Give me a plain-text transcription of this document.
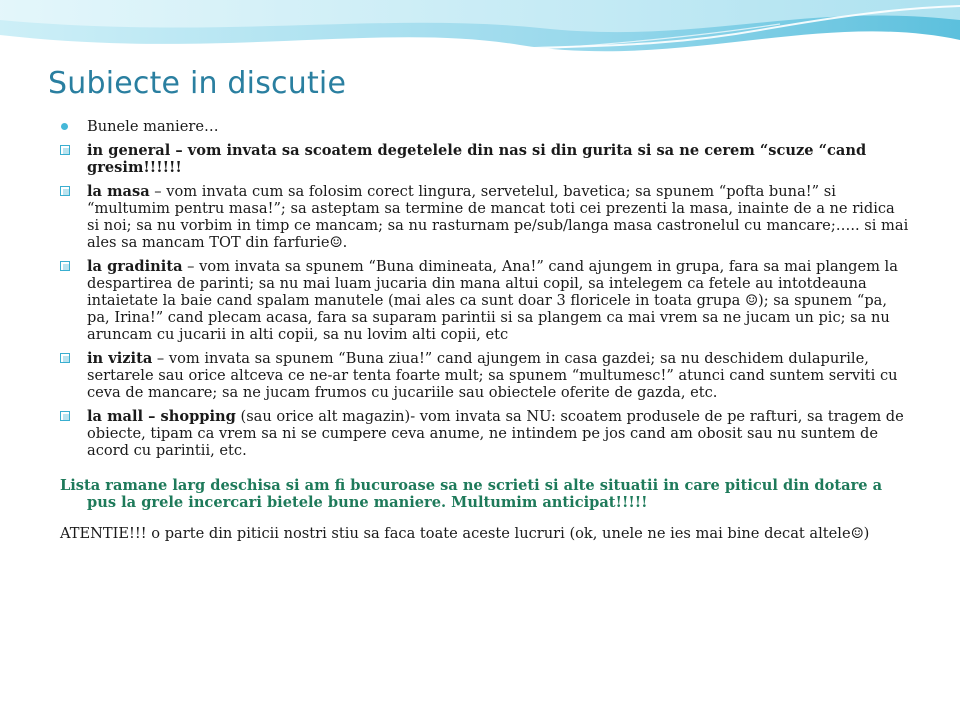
Subiecte in discutie
Bunele maniere…
in general – vom invata sa scoatem degetelele din nas si din gurita si sa ne cerem “scuze “cand gresim!!!!!!
la masa – vom invata cum sa folosim corect lingura, servetelul, bavetica; sa spunem “pofta buna!” si “multumim pentru masa!”; sa asteptam sa termine de mancat toti cei prezenti la masa, inainte de a ne ridica si noi; sa nu vorbim in timp ce mancam; sa nu rasturnam pe/sub/langa masa castronelul cu mancare;….. si mai ales sa mancam TOT din farfurie☺.
la gradinita – vom invata sa spunem “Buna dimineata, Ana!” cand ajungem in grupa, fara sa mai plangem la despartirea de parinti; sa nu mai luam jucaria din mana altui copil, sa intelegem ca fetele au intotdeauna intaietate la baie cand spalam manutele (mai ales ca sunt doar 3 floricele in toata grupa ☺); sa spunem “pa, pa, Irina!” cand plecam acasa, fara sa suparam parintii si sa plangem ca mai vrem sa ne jucam un pic; sa nu aruncam cu jucarii in alti copii, sa nu lovim alti copii, etc
in vizita – vom invata sa spunem “Buna ziua!” cand ajungem in casa gazdei; sa nu deschidem dulapurile, sertarele sau orice altceva ce ne-ar tenta foarte mult; sa spunem “multumesc!” atunci cand suntem serviti cu ceva de mancare; sa ne jucam frumos cu jucariile sau obiectele oferite de gazda, etc.
la mall – shopping (sau orice alt magazin)- vom invata sa NU: scoatem produsele de pe rafturi, sa tragem de obiecte, tipam ca vrem sa ni se cumpere ceva anume, ne intindem pe jos cand am obosit sau nu suntem de acord cu parintii, etc.
Lista ramane larg deschisa si am fi bucuroase sa ne scrieti si alte situatii in care piticul din dotare a pus la grele incercari bietele bune maniere. Multumim anticipat!!!!!
ATENTIE!!! o parte din piticii nostri stiu sa faca toate aceste lucruri (ok, unele ne ies mai bine decat altele☺)
